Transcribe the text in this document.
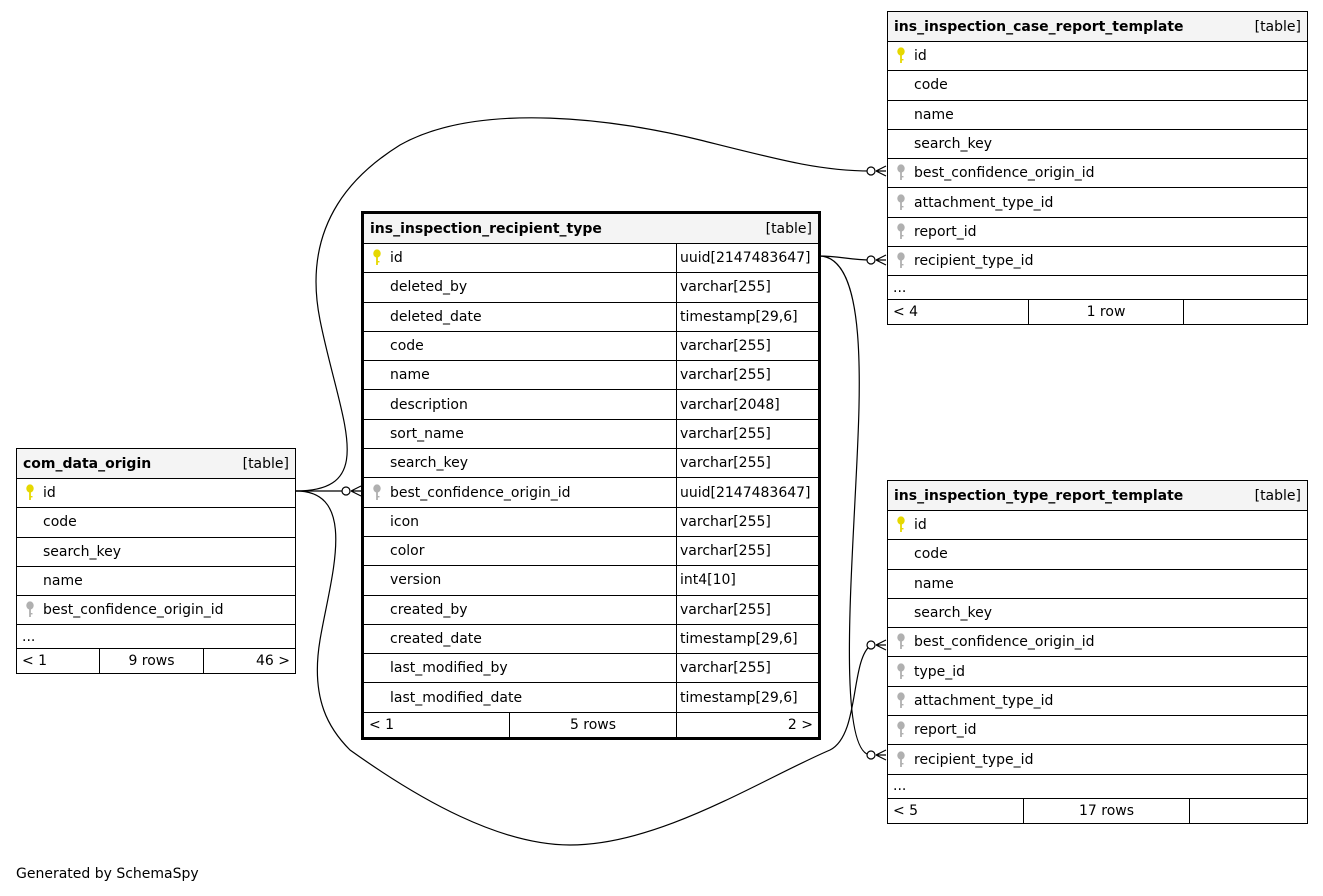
ins_inspection_case_report_template	[table]
id
code
name
search_key
best_confidence_origin_id
attachment_type_id
report_id
recipient_type_id
...
< 4	1 row
ins_inspection_recipient_type	[table]
id	uuid[2147483647]
deleted_by	varchar[255]
deleted_date	timestamp[29,6]
code	varchar[255]
name	varchar[255]
description	varchar[2048]
sort_name	varchar[255]
search_key	varchar[255]
best_confidence_origin_id	uuid[2147483647]
icon	varchar[255]
color	varchar[255]
version	int4[10]
created_by	varchar[255]
created_date	timestamp[29,6]
last_modified_by	varchar[255]
last_modified_date	timestamp[29,6]
< 1	5 rows	2 >
com_data_origin	[table]
id
code
search_key
name
best_confidence_origin_id
...
< 1	9 rows	46 >
ins_inspection_type_report_template	[table]
id
code
name
search_key
best_confidence_origin_id
type_id
attachment_type_id
report_id
recipient_type_id
...
< 5	17 rows
Generated by SchemaSpy
